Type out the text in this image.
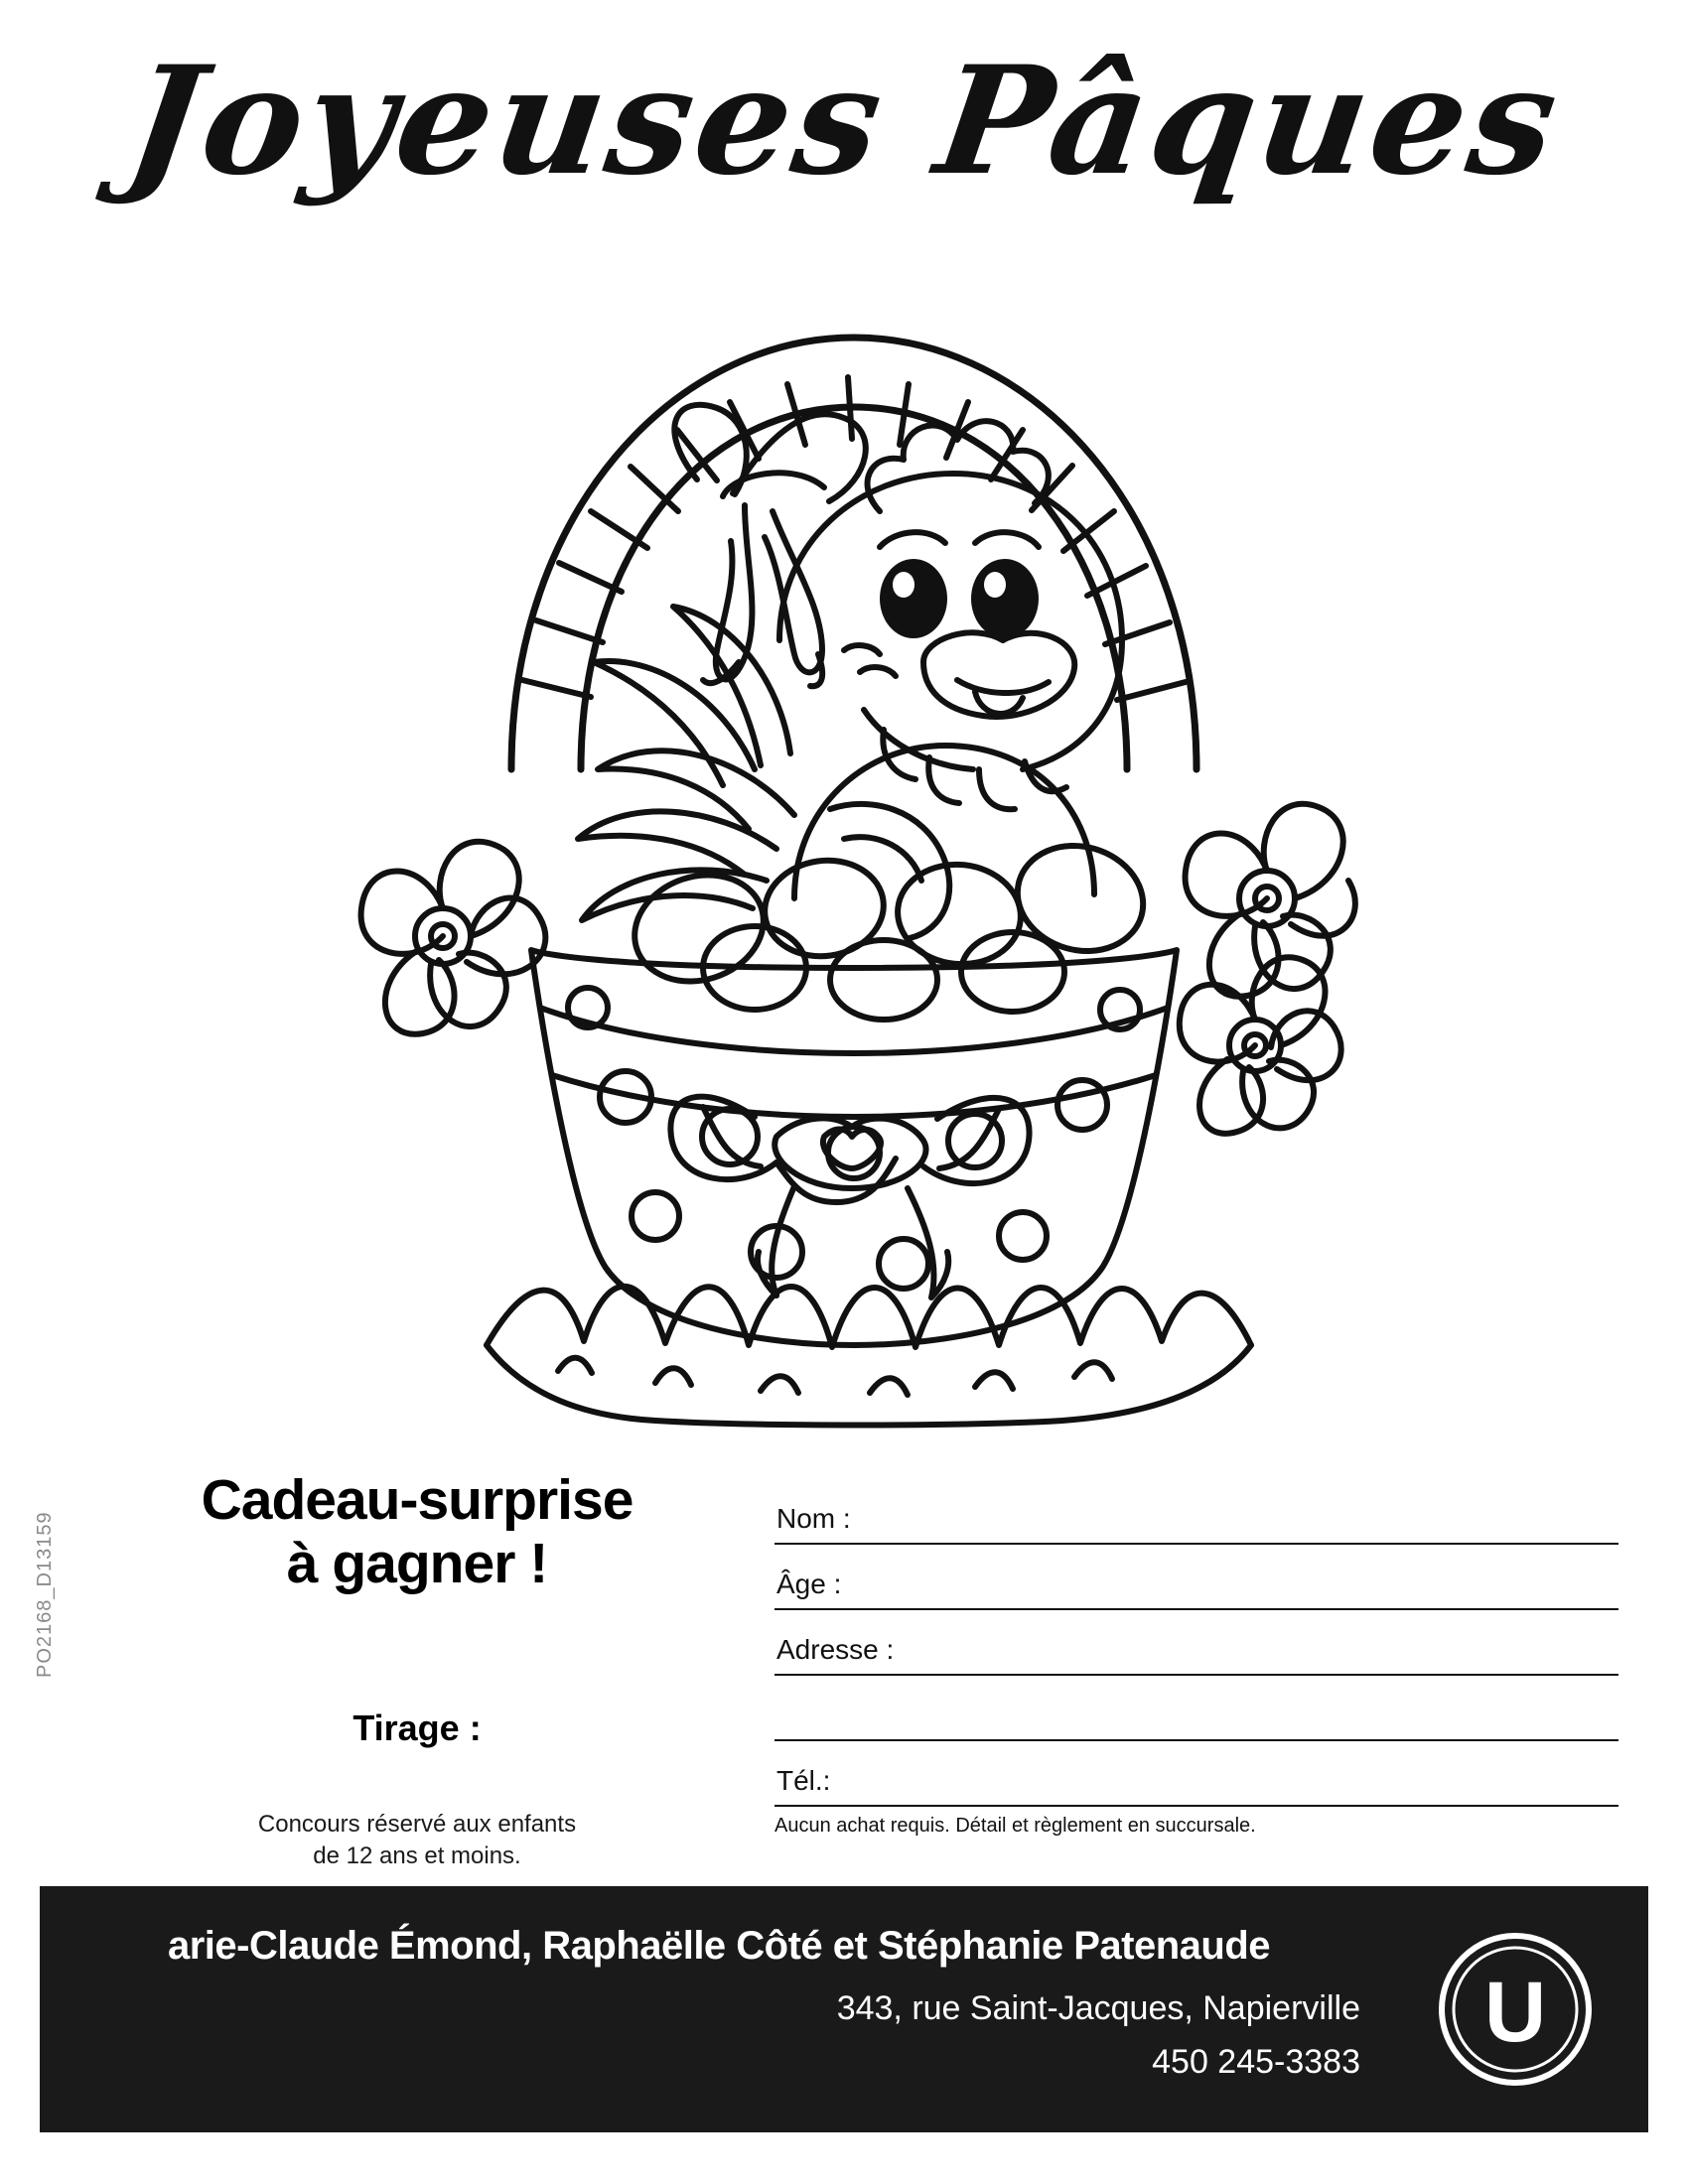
Joyeuses Pâques
Cadeau-surprise
à gagner !
Tirage :
Concours réservé aux enfants
de 12 ans et moins.
PO2168_D13159	Nom :
Âge :
Adresse :
Tél.:
Aucun achat requis. Détail et règlement en succursale.
arie-Claude Émond, Raphaëlle Côté et Stéphanie Patenaude
343, rue Saint-Jacques, Napierville
450 245-3383
U
